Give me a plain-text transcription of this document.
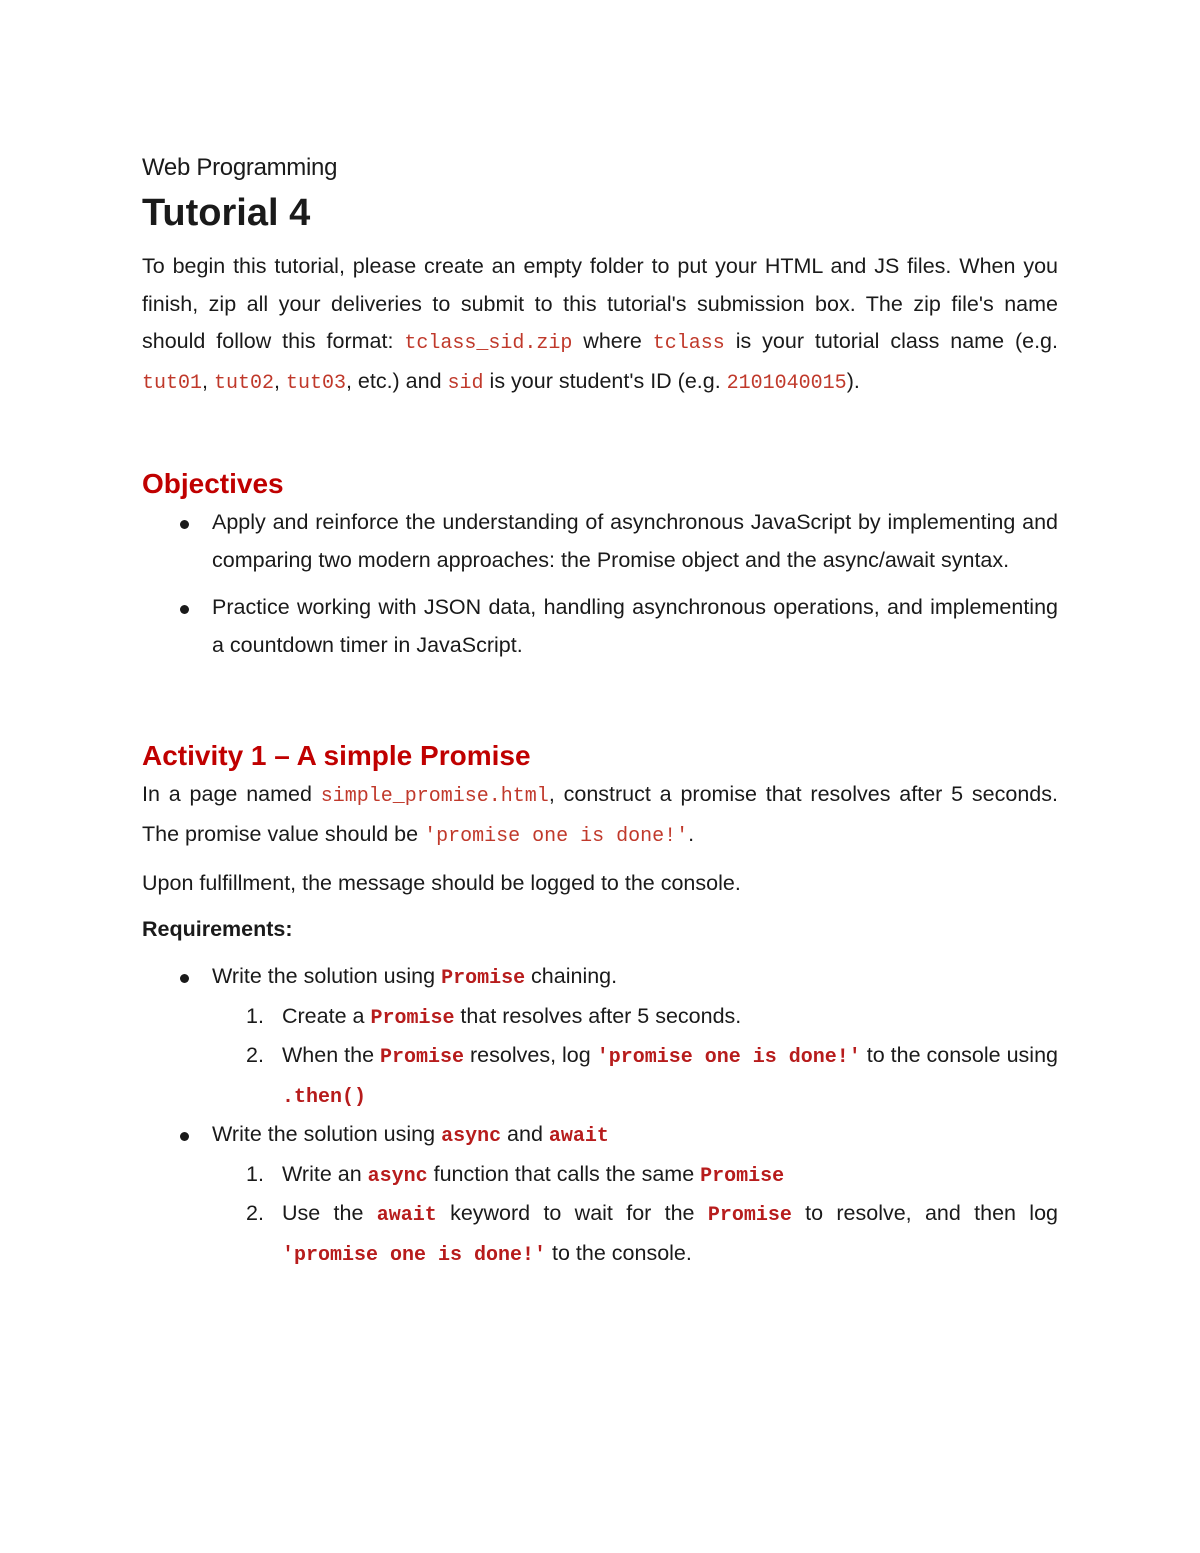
Web Programming

Tutorial 4

To begin this tutorial, please create an empty folder to put your HTML and JS files. When you finish, zip all your deliveries to submit to this tutorial's submission box. The zip file's name should follow this format: tclass_sid.zip where tclass is your tutorial class name (e.g. tut01, tut02, tut03, etc.) and sid is your student's ID (e.g. 2101040015).

Objectives
Apply and reinforce the understanding of asynchronous JavaScript by implementing and comparing two modern approaches: the Promise object and the async/await syntax.
Practice working with JSON data, handling asynchronous operations, and implementing a countdown timer in JavaScript.
Activity 1 – A simple Promise

In a page named simple_promise.html, construct a promise that resolves after 5 seconds. The promise value should be 'promise one is done!'.

Upon fulfillment, the message should be logged to the console.

Requirements:

Write the solution using Promise chaining.
1. Create a Promise that resolves after 5 seconds.
2. When the Promise resolves, log 'promise one is done!' to the console using .then()
Write the solution using async and await
1. Write an async function that calls the same Promise
2. Use the await keyword to wait for the Promise to resolve, and then log 'promise one is done!' to the console.
